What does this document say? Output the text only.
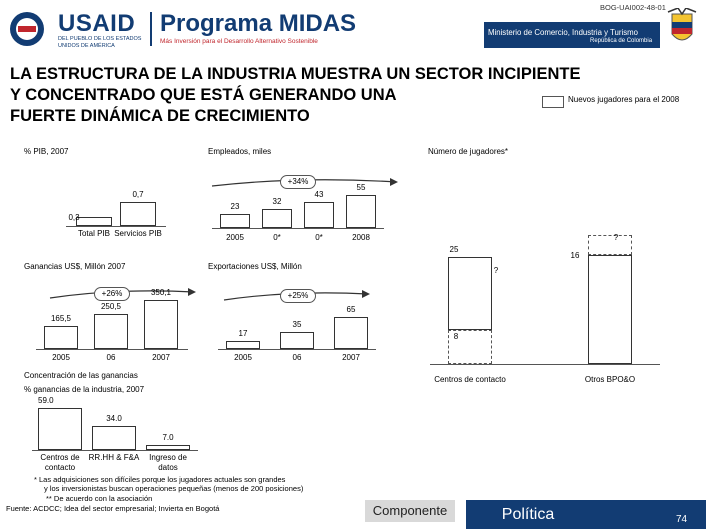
USAID
DEL PUEBLO DE LOS ESTADOS UNIDOS DE AMÉRICA
Programa MIDAS
Más Inversión para el Desarrollo Alternativo Sostenible
BOG-UAI002-48-01
Ministerio de Comercio, Industria y Turismo
República de Colombia
LA ESTRUCTURA DE LA INDUSTRIA MUESTRA UN SECTOR INCIPIENTE
Y CONCENTRADO QUE ESTÁ GENERANDO UNA
FUERTE DINÁMICA DE CRECIMIENTO
Nuevos jugadores para el 2008
% PIB, 2007
0,3
0,7
Total PIB Servicios PIB
Empleados, miles
+34%
23
32
43
55
2005	0*	0*	2008
Ganancias US$, Millón 2007
+26%
165,5
250,5
350,1
2005	06	2007
Exportaciones US$, Millón
+25%
17
35
65
2005	06	2007
Número de jugadores*
25
8
16
?
?
Centros de contacto	Otros BPO&O
Concentración de las ganancias
% ganancias de la industria, 2007
59.0
34.0
7.0
Centros de contacto
RR.HH & F&A	Ingreso de datos
* Las adquisiciones son difíciles porque los jugadores actuales son grandes
y los inversionistas buscan operaciones pequeñas (menos de 200 posiciones)
** De acuerdo con la asociación
Fuente: ACDCC; Idea del sector empresarial; Invierta en Bogotá	Componente	Política	74
